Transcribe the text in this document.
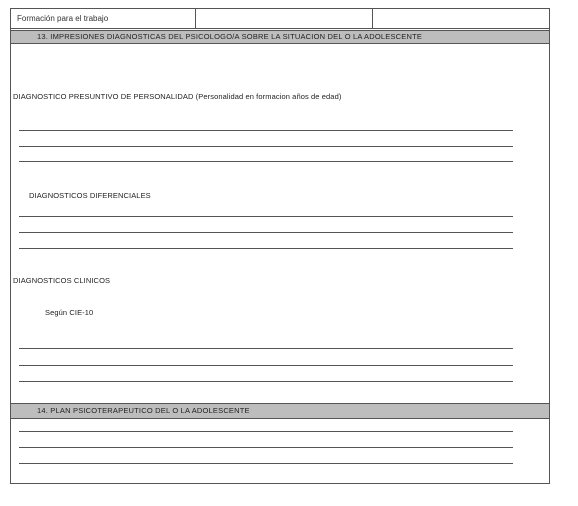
Formación para el trabajo
13. IMPRESIONES DIAGNOSTICAS DEL PSICOLOGO/A SOBRE LA SITUACION DEL O LA ADOLESCENTE
DIAGNOSTICO PRESUNTIVO DE PERSONALIDAD (Personalidad en formacion años de edad)
DIAGNOSTICOS DIFERENCIALES
DIAGNOSTICOS CLINICOS
Según CIE-10
14. PLAN PSICOTERAPEUTICO DEL O LA ADOLESCENTE
